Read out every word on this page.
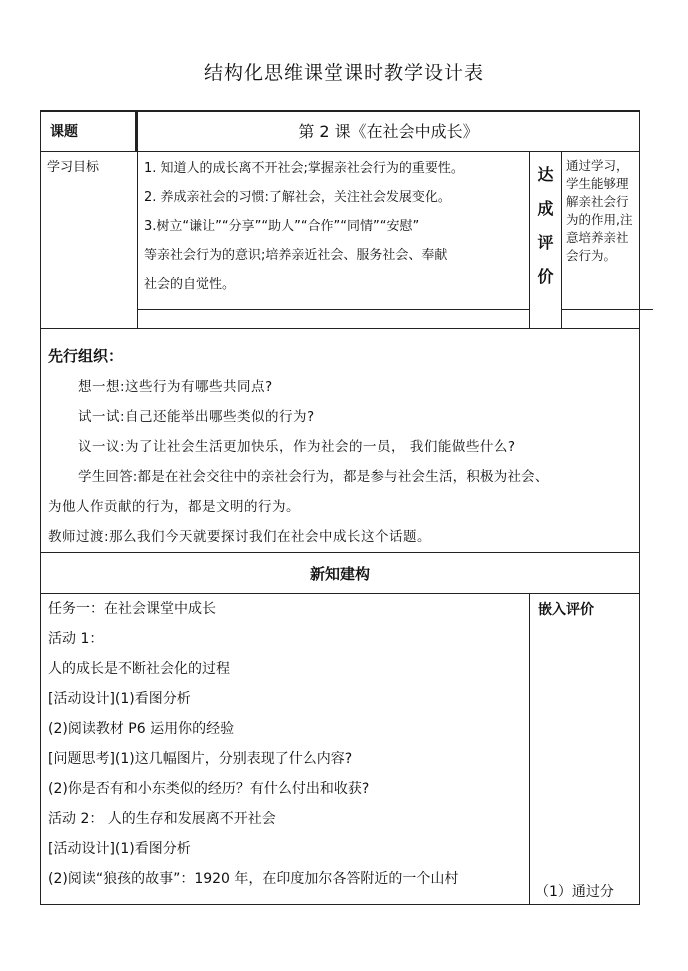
结构化思维课堂课时教学设计表
课题	第 2 课《在社会中成长》
学习目标	1. 知道人的成长离不开社会;掌握亲社会行为的重要性。
2. 养成亲社会的习惯:了解社会，关注社会发展变化。
3.树立“谦让”“分享”“助人”“合作”“同情”“安慰”
等亲社会行为的意识;培养亲近社会、服务社会、奉献
社会的自觉性。
达
成
评
价
通过学习，学生能够理解亲社会行为的作用,注意培养亲社会行为。
先行组织：

想一想:这些行为有哪些共同点?

试一试:自己还能举出哪些类似的行为?

议一议:为了让社会生活更加快乐，作为社会的一员， 我们能做些什么?

学生回答:都是在社会交往中的亲社会行为，都是参与社会生活，积极为社会、

为他人作贡献的行为，都是文明的行为。

教师过渡:那么我们今天就要探讨我们在社会中成长这个话题。

新知建构

任务一：在社会课堂中成长

活动 1：

人的成长是不断社会化的过程

[活动设计](1)看图分析

(2)阅读教材 P6 运用你的经验

[问题思考](1)这几幅图片，分别表现了什么内容?

(2)你是否有和小东类似的经历？有什么付出和收获?

活动 2： 人的生存和发展离不开社会

[活动设计](1)看图分析

(2)阅读“狼孩的故事”：1920 年，在印度加尔各答附近的一个山村

嵌入评价
（1）通过分
